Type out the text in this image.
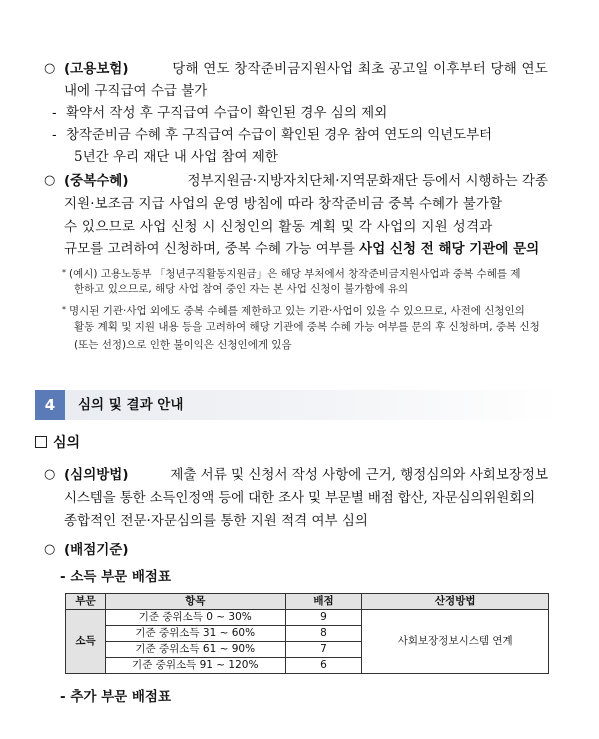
○ (고용보험)	당해 연도 창작준비금지원사업 최초 공고일 이후부터 당해 연도
내에 구직급여 수급 불가
- 확약서 작성 후 구직급여 수급이 확인된 경우 심의 제외
- 창작준비금 수혜 후 구직급여 수급이 확인된 경우 참여 연도의 익년도부터
5년간 우리 재단 내 사업 참여 제한
○ (중복수혜)	정부지원금·지방자치단체·지역문화재단 등에서 시행하는 각종
지원·보조금 지급 사업의 운영 방침에 따라 창작준비금 중복 수혜가 불가할
수 있으므로 사업 신청 시 신청인의 활동 계획 및 각 사업의 지원 성격과
규모를 고려하여 신청하며, 중복 수혜 가능 여부를 사업 신청 전 해당 기관에 문의
* (예시) 고용노동부 「청년구직활동지원금」은 해당 부처에서 창작준비금지원사업과 중복 수혜를 제
한하고 있으므로, 해당 사업 참여 중인 자는 본 사업 신청이 불가함에 유의
* 명시된 기관·사업 외에도 중복 수혜를 제한하고 있는 기관·사업이 있을 수 있으므로, 사전에 신청인의
활동 계획 및 지원 내용 등을 고려하여 해당 기관에 중복 수혜 가능 여부를 문의 후 신청하며, 중복 신청
(또는 선정)으로 인한 불이익은 신청인에게 있음
4	심의 및 결과 안내
심의
○ (심의방법)	제출 서류 및 신청서 작성 사항에 근거, 행정심의와 사회보장정보
시스템을 통한 소득인정액 등에 대한 조사 및 부문별 배점 합산, 자문심의위원회의
종합적인 전문·자문심의를 통한 지원 적격 여부 심의
○ (배점기준)
- 소득 부문 배점표
부문	항목	배점	산정방법
소득	기준 중위소득 0 ~ 30%	9	사회보장정보시스템 연계
	기준 중위소득 31 ~ 60%	8	
	기준 중위소득 61 ~ 90%	7	
	기준 중위소득 91 ~ 120%	6	
- 추가 부문 배점표
